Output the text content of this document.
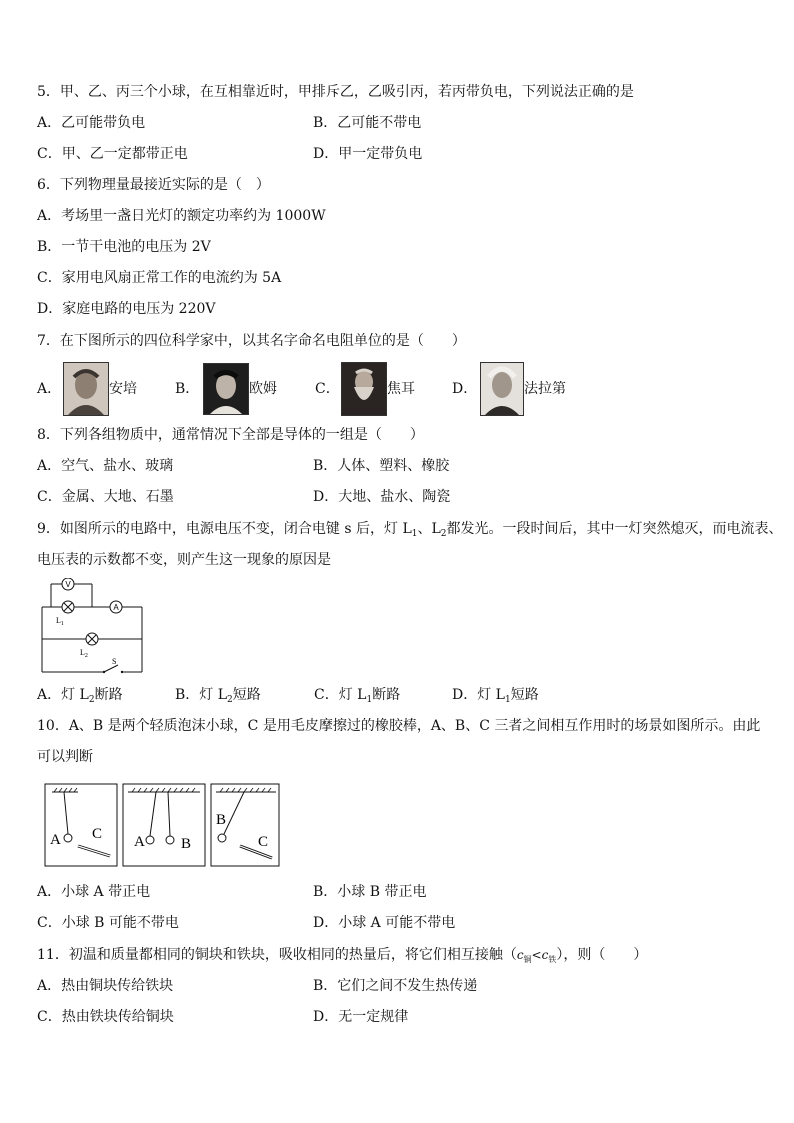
5．甲、乙、丙三个小球，在互相靠近时，甲排斥乙，乙吸引丙，若丙带负电，下列说法正确的是
A．乙可能带负电	B．乙可能不带电
C．甲、乙一定都带正电	D．甲一定带负电
6．下列物理量最接近实际的是（　）
A．考场里一盏日光灯的额定功率约为 1000W
B．一节干电池的电压为 2V
C．家用电风扇正常工作的电流约为 5A
D．家庭电路的电压为 220V
7．在下图所示的四位科学家中，以其名字命名电阻单位的是（　　）
A．	安培	B．	欧姆	C．	焦耳	D．	法拉第
8．下列各组物质中，通常情况下全部是导体的一组是（　　）
A．空气、盐水、玻璃	B．人体、塑料、橡胶
C．金属、大地、石墨	D．大地、盐水、陶瓷
9．如图所示的电路中，电源电压不变，闭合电键 s 后，灯 $L_1$、$L_2$都发光。一段时间后，其中一灯突然熄灭，而电流表、
电压表的示数都不变，则产生这一现象的原因是
V
A
$L_1$
$L_2$
S
A．灯 $L_2$断路	B．灯 $L_2$短路	C．灯 $L_1$断路	D．灯 $L_1$短路
10．A、B 是两个轻质泡沫小球，C 是用毛皮摩擦过的橡胶棒，A、B、C 三者之间相互作用时的场景如图所示。由此
可以判断
A C A B
B
C
A．小球 A 带正电	B．小球 B 带正电
C．小球 B 可能不带电	D．小球 A 可能不带电
11．初温和质量都相同的铜块和铁块，吸收相同的热量后，将它们相互接触$(c_铜<c_铁)$，则（　　）
A．热由铜块传给铁块	B．它们之间不发生热传递
C．热由铁块传给铜块	D．无一定规律
